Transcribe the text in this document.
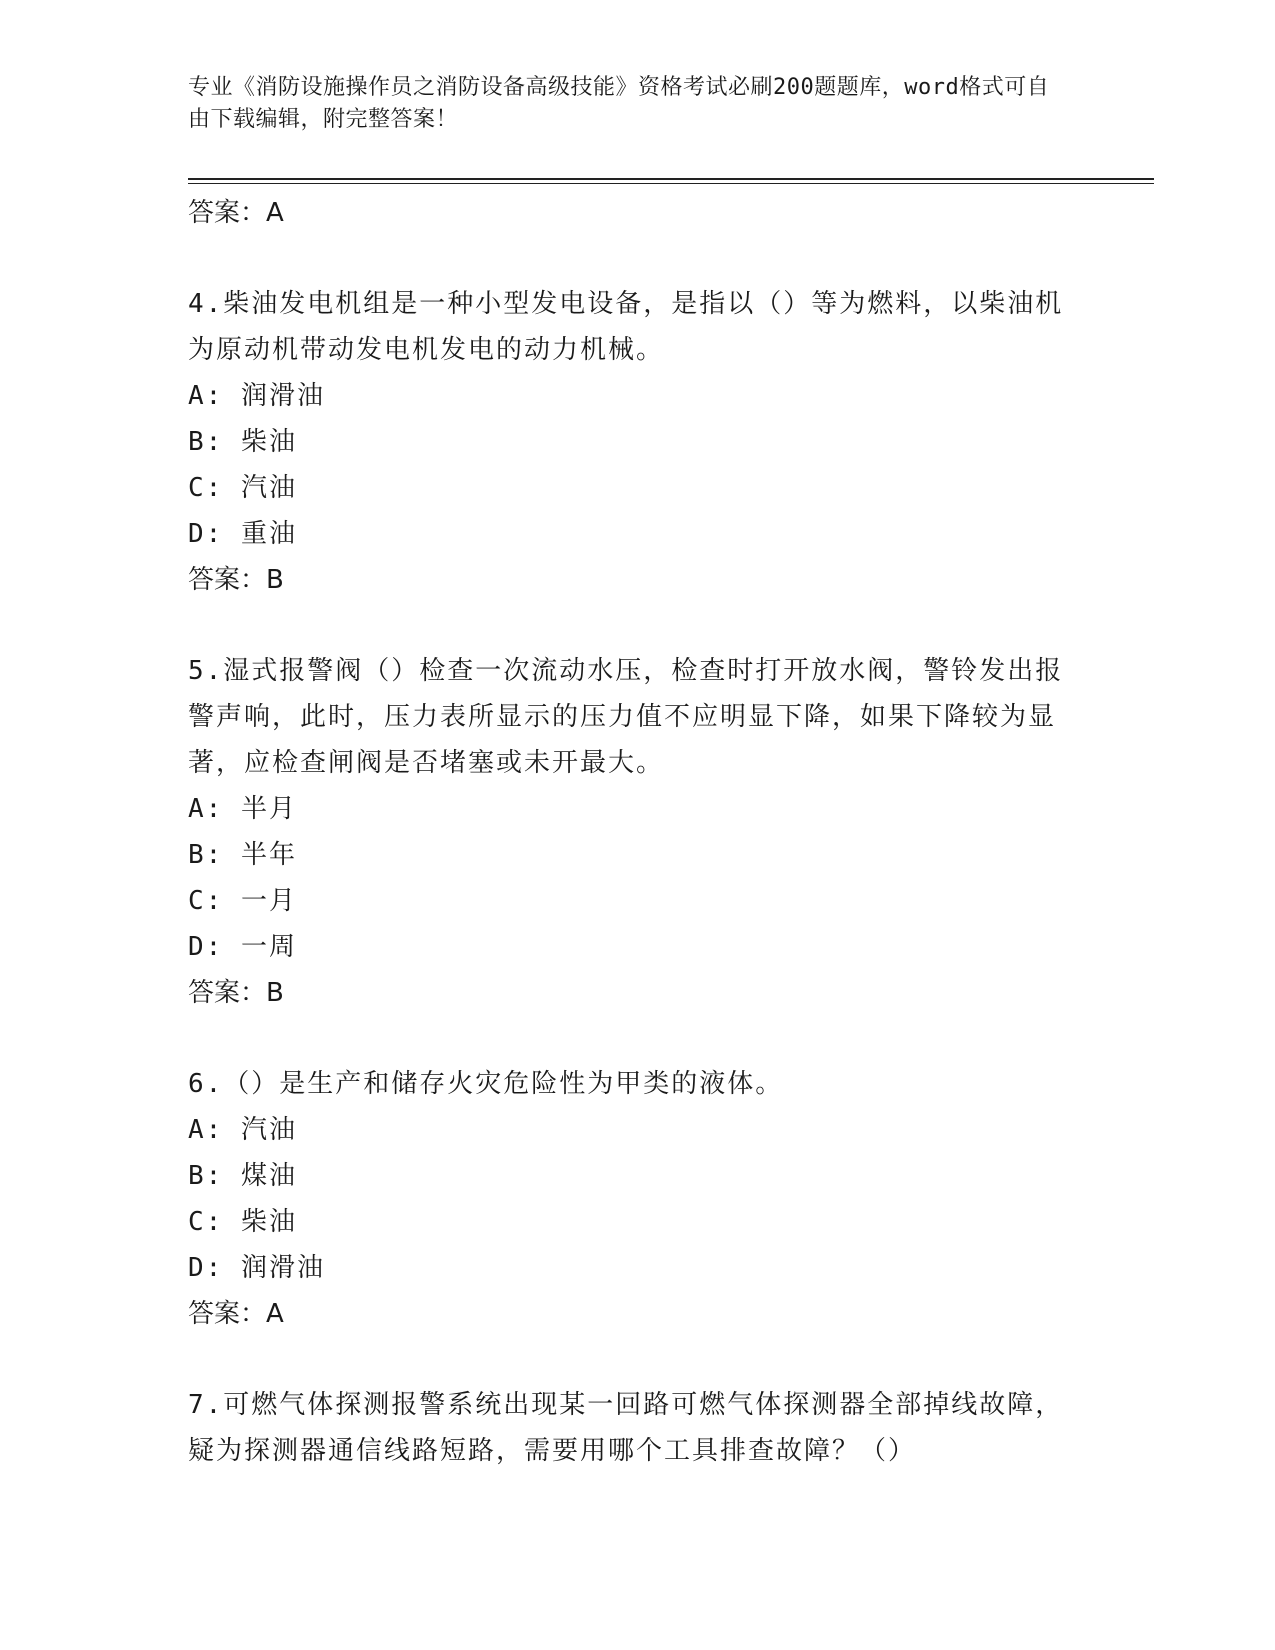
专业《消防设施操作员之消防设备高级技能》资格考试必刷200题题库，word格式可自由下载编辑，附完整答案！
答案：A
4.柴油发电机组是一种小型发电设备，是指以（）等为燃料，以柴油机为原动机带动发电机发电的动力机械。
A: 润滑油
B: 柴油
C: 汽油
D: 重油
答案：B
5.湿式报警阀（）检查一次流动水压，检查时打开放水阀，警铃发出报警声响，此时，压力表所显示的压力值不应明显下降，如果下降较为显著，应检查闸阀是否堵塞或未开最大。
A: 半月
B: 半年
C: 一月
D: 一周
答案：B
6.（）是生产和储存火灾危险性为甲类的液体。
A: 汽油
B: 煤油
C: 柴油
D: 润滑油
答案：A
7.可燃气体探测报警系统出现某一回路可燃气体探测器全部掉线故障，疑为探测器通信线路短路，需要用哪个工具排查故障？（）
